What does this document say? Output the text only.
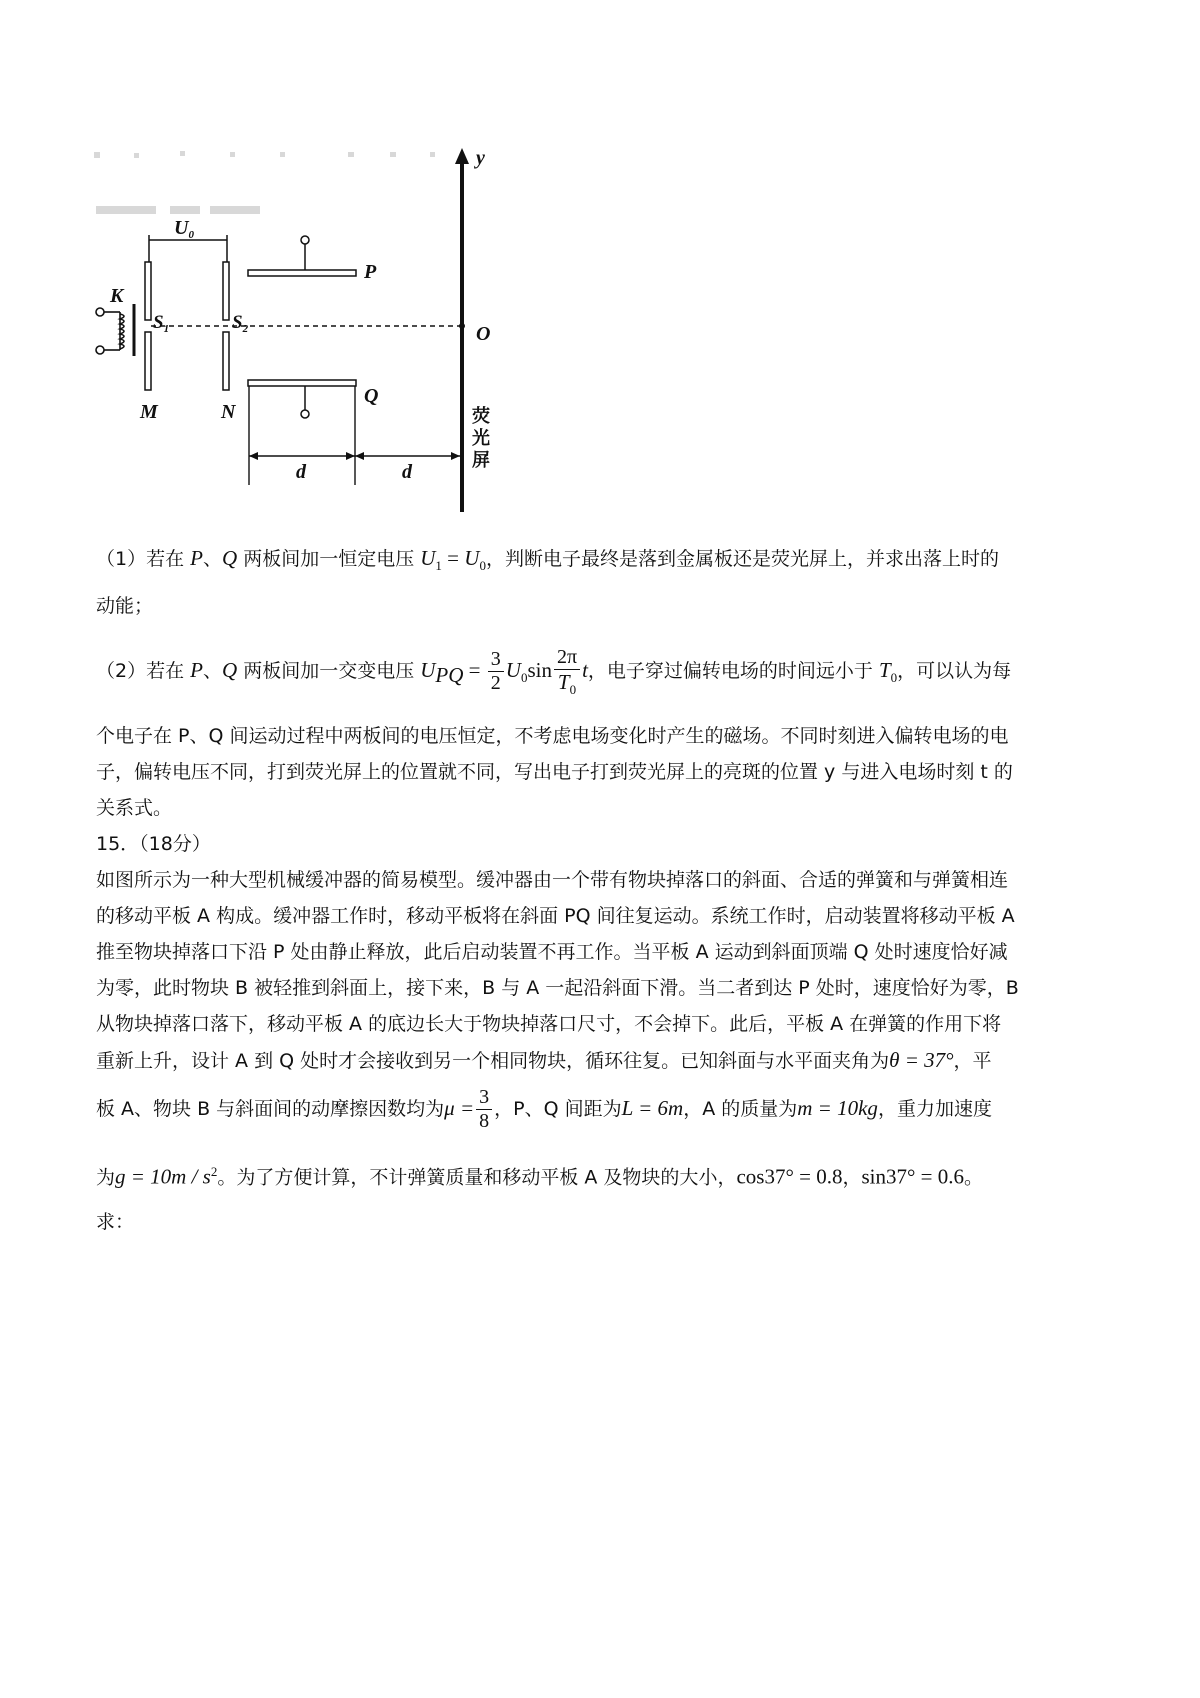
y
$U_0$
K
$S_1$	$S_2$	O
M	N
P
Q
d	d
荧
光
屏
（1）若在 P、Q 两板间加一恒定电压 $U_1 = U_0$，判断电子最终是落到金属板还是荧光屏上，并求出落上时的
动能；
（2）若在 P、Q 两板间加一交变电压 $U_{PQ} = \frac{3}{2} U_0\sin \frac{2\pi}{T_0}$ t，电子穿过偏转电场的时间远小于 $T_0$，可以认为每
个电子在 P、Q 间运动过程中两板间的电压恒定，不考虑电场变化时产生的磁场。不同时刻进入偏转电场的电
子，偏转电压不同，打到荧光屏上的位置就不同，写出电子打到荧光屏上的亮斑的位置 y 与进入电场时刻 t 的
关系式。
15．（18分）
如图所示为一种大型机械缓冲器的简易模型。缓冲器由一个带有物块掉落口的斜面、合适的弹簧和与弹簧相连
的移动平板 A 构成。缓冲器工作时，移动平板将在斜面 PQ 间往复运动。系统工作时，启动装置将移动平板 A
推至物块掉落口下沿 P 处由静止释放，此后启动装置不再工作。当平板 A 运动到斜面顶端 Q 处时速度恰好减
为零，此时物块 B 被轻推到斜面上，接下来，B 与 A 一起沿斜面下滑。当二者到达 P 处时，速度恰好为零，B
从物块掉落口落下，移动平板 A 的底边长大于物块掉落口尺寸，不会掉下。此后，平板 A 在弹簧的作用下将
重新上升，设计 A 到 Q 处时才会接收到另一个相同物块，循环往复。已知斜面与水平面夹角为θ = 37°，平
板 A、物块 B 与斜面间的动摩擦因数均为$\mu = \frac{3}{8}$ ，P、Q 间距为L = 6m，A 的质量为m = 10kg，重力加速度
为$g = 10m / s^2$。为了方便计算，不计弹簧质量和移动平板 A 及物块的大小，cos37° = 0.8，sin37° = 0.6。
求：
